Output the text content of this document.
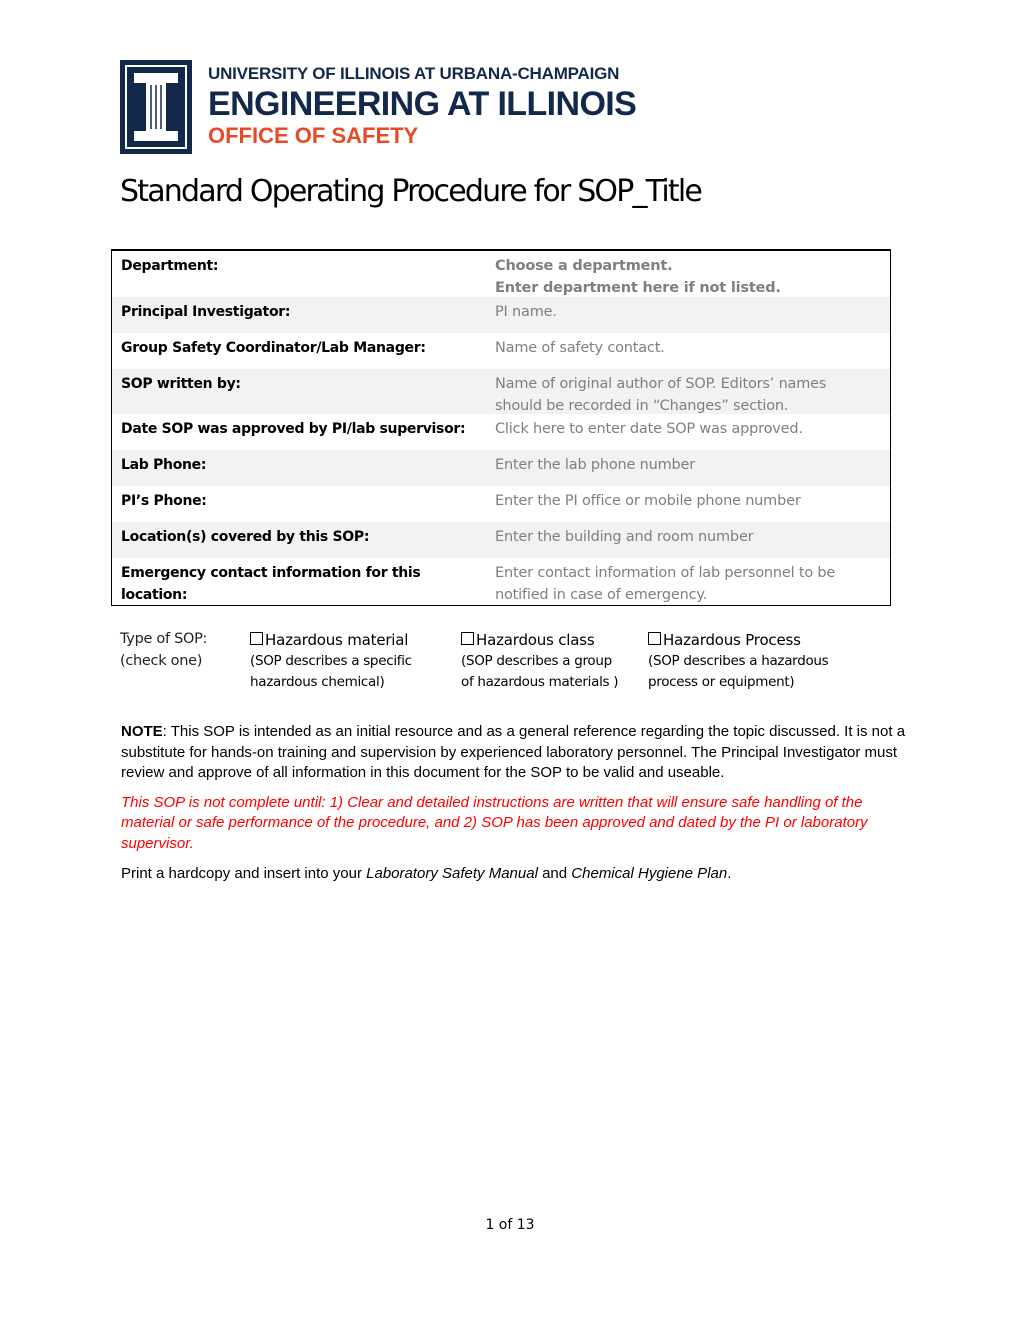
UNIVERSITY OF ILLINOIS AT URBANA-CHAMPAIGN
ENGINEERING AT ILLINOIS
OFFICE OF SAFETY
Standard Operating Procedure for SOP_Title
Department:	Choose a department.
Enter department here if not listed.
Principal Investigator:	PI name.
Group Safety Coordinator/Lab Manager:	Name of safety contact.
SOP written by:	Name of original author of SOP. Editors’ names should be recorded in “Changes” section.
Date SOP was approved by PI/lab supervisor:	Click here to enter date SOP was approved.
Lab Phone:	Enter the lab phone number
PI’s Phone:	Enter the PI office or mobile phone number
Location(s) covered by this SOP:	Enter the building and room number
Emergency contact information for this location:
Enter contact information of lab personnel to be notified in case of emergency.
Type of SOP:
(check one)
Hazardous material
(SOP describes a specific
hazardous chemical)
Hazardous class
(SOP describes a group
of hazardous materials )
Hazardous Process
(SOP describes a hazardous
process or equipment)
NOTE: This SOP is intended as an initial resource and as a general reference regarding the topic discussed. It is not a substitute for hands-on training and supervision by experienced laboratory personnel. The Principal Investigator must review and approve of all information in this document for the SOP to be valid and useable.
This SOP is not complete until: 1) Clear and detailed instructions are written that will ensure safe handling of the material or safe performance of the procedure, and 2) SOP has been approved and dated by the PI or laboratory supervisor.
Print a hardcopy and insert into your Laboratory Safety Manual and Chemical Hygiene Plan.
1 of 13
